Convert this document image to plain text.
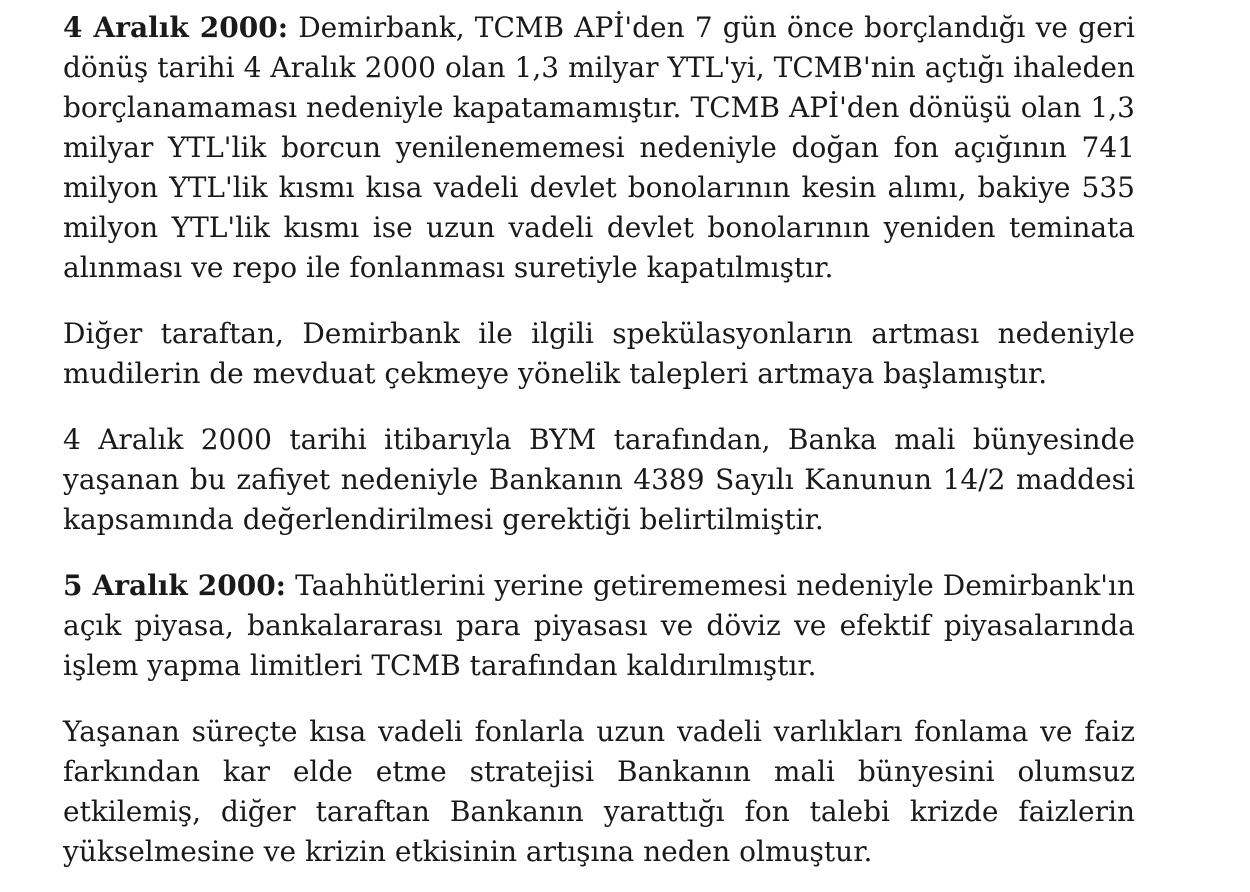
4 Aralık 2000: Demirbank, TCMB APİ'den 7 gün önce borçlandığı ve geri dönüş tarihi 4 Aralık 2000 olan 1,3 milyar YTL'yi, TCMB'nin açtığı ihaleden borçlanamaması nedeniyle kapatamamıştır. TCMB APİ'den dönüşü olan 1,3 milyar YTL'lik borcun yenilenememesi nedeniyle doğan fon açığının 741 milyon YTL'lik kısmı kısa vadeli devlet bonolarının kesin alımı, bakiye 535 milyon YTL'lik kısmı ise uzun vadeli devlet bonolarının yeniden teminata alınması ve repo ile fonlanması suretiyle kapatılmıştır.

Diğer taraftan, Demirbank ile ilgili spekülasyonların artması nedeniyle mudilerin de mevduat çekmeye yönelik talepleri artmaya başlamıştır.

4 Aralık 2000 tarihi itibarıyla BYM tarafından, Banka mali bünyesinde yaşanan bu zafiyet nedeniyle Bankanın 4389 Sayılı Kanunun 14/2 maddesi kapsamında değerlendirilmesi gerektiği belirtilmiştir.

5 Aralık 2000: Taahhütlerini yerine getirememesi nedeniyle Demirbank'ın açık piyasa, bankalararası para piyasası ve döviz ve efektif piyasalarında işlem yapma limitleri TCMB tarafından kaldırılmıştır.

Yaşanan süreçte kısa vadeli fonlarla uzun vadeli varlıkları fonlama ve faiz farkından kar elde etme stratejisi Bankanın mali bünyesini olumsuz etkilemiş, diğer taraftan Bankanın yarattığı fon talebi krizde faizlerin yükselmesine ve krizin etkisinin artışına neden olmuştur.
